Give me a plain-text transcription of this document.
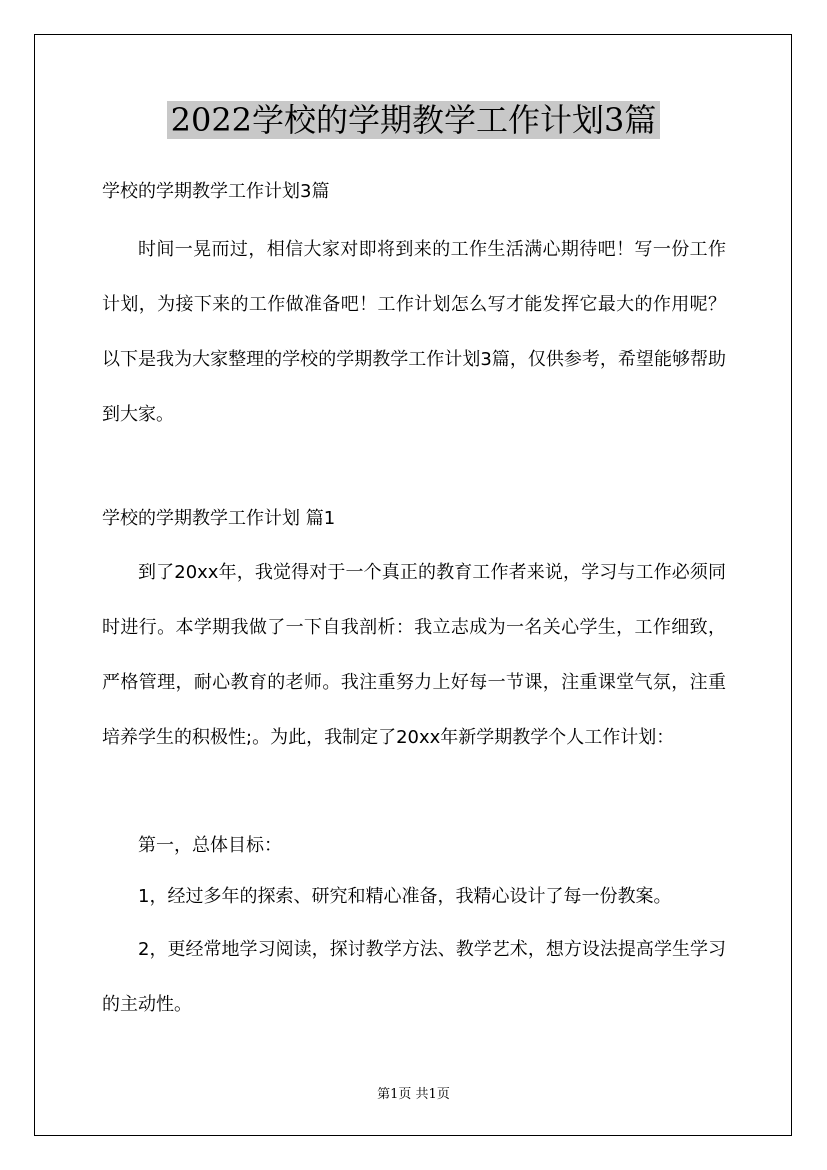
2022学校的学期教学工作计划3篇
学校的学期教学工作计划3篇
时间一晃而过，相信大家对即将到来的工作生活满心期待吧！写一份工作计划，为接下来的工作做准备吧！工作计划怎么写才能发挥它最大的作用呢？以下是我为大家整理的学校的学期教学工作计划3篇，仅供参考，希望能够帮助到大家。
学校的学期教学工作计划 篇1
到了20xx年，我觉得对于一个真正的教育工作者来说，学习与工作必须同时进行。本学期我做了一下自我剖析：我立志成为一名关心学生，工作细致，严格管理，耐心教育的老师。我注重努力上好每一节课，注重课堂气氛，注重培养学生的积极性;。为此，我制定了20xx年新学期教学个人工作计划：
第一，总体目标：
1，经过多年的探索、研究和精心准备，我精心设计了每一份教案。
2，更经常地学习阅读，探讨教学方法、教学艺术，想方设法提高学生学习的主动性。
第1页 共1页
